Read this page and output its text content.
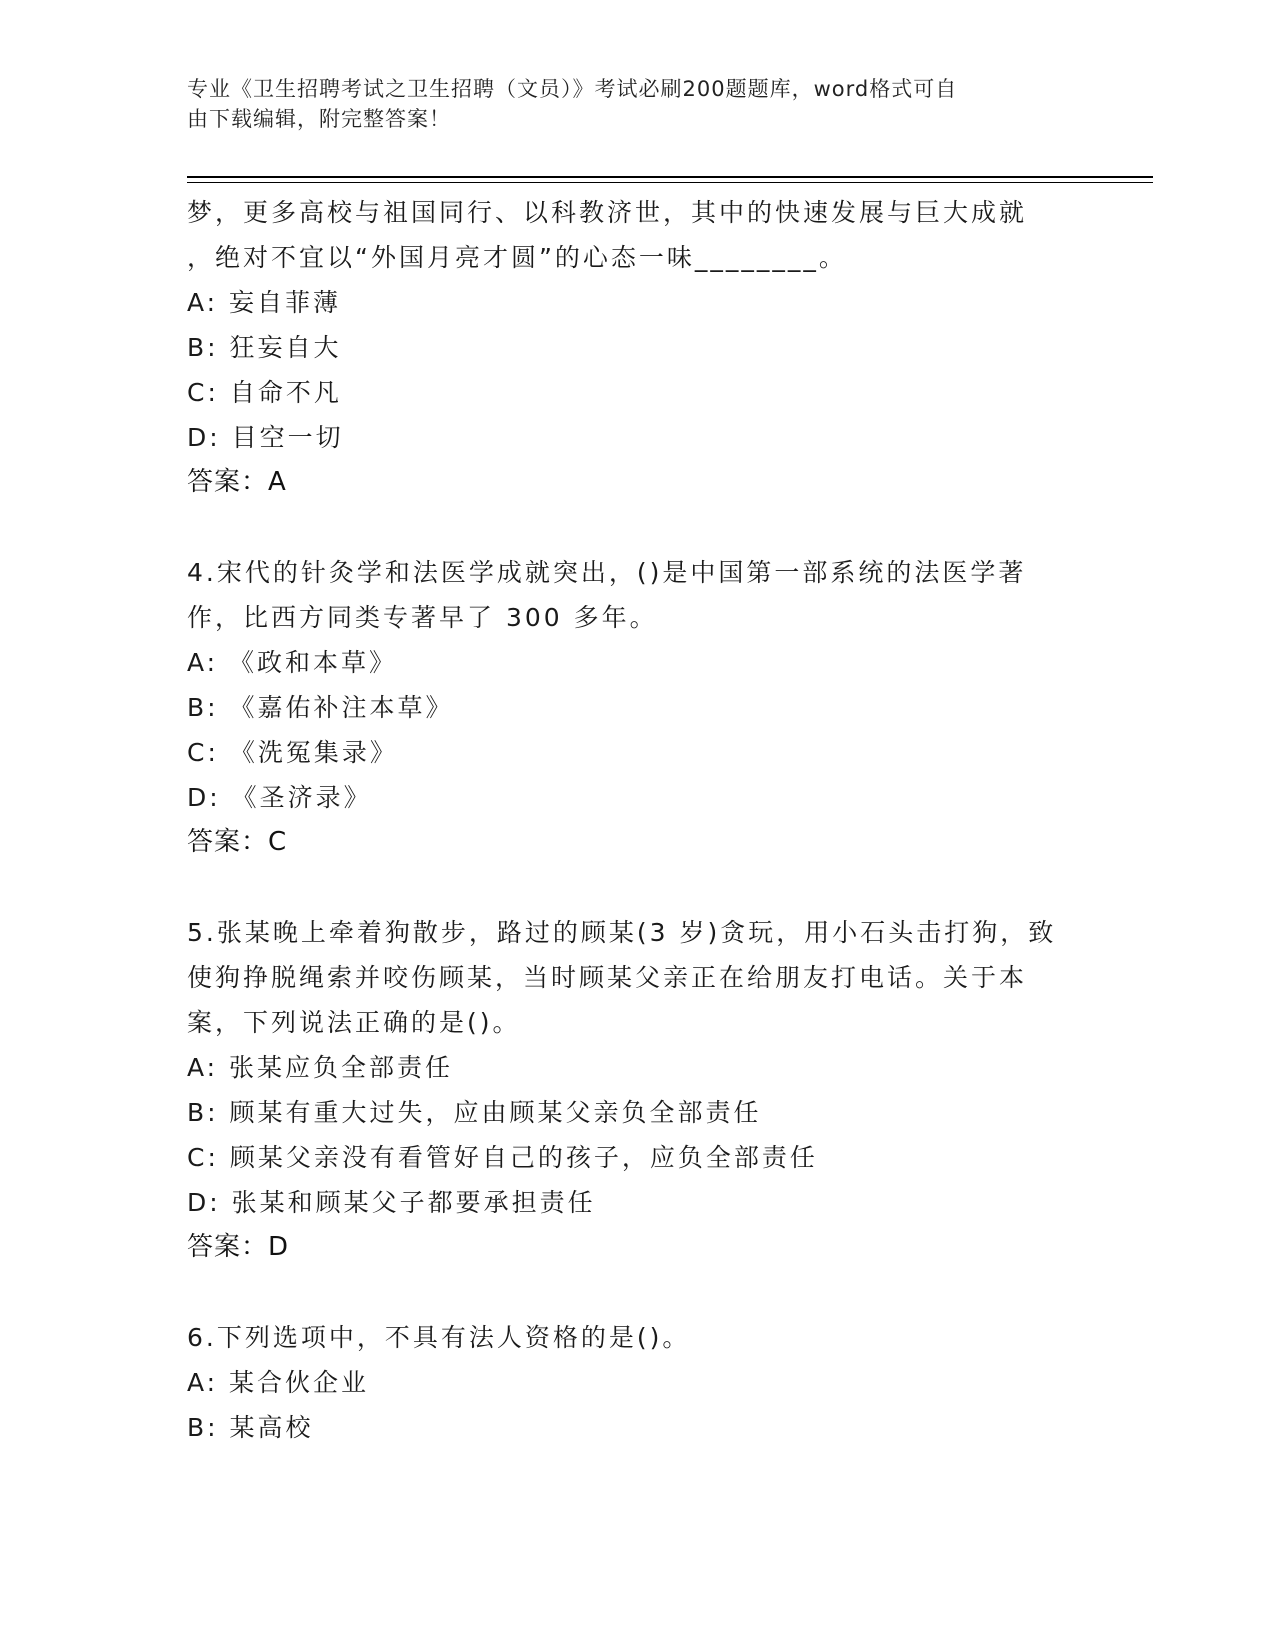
专业《卫生招聘考试之卫生招聘（文员）》考试必刷200题题库，word格式可自
由下载编辑，附完整答案！
梦，更多高校与祖国同行、以科教济世，其中的快速发展与巨大成就
，绝对不宜以“外国月亮才圆”的心态一味________。
A: 妄自菲薄
B: 狂妄自大
C: 自命不凡
D: 目空一切
答案：A
4.宋代的针灸学和法医学成就突出，()是中国第一部系统的法医学著
作，比西方同类专著早了 300 多年。
A: 《政和本草》
B: 《嘉佑补注本草》
C: 《洗冤集录》
D: 《圣济录》
答案：C
5.张某晚上牵着狗散步，路过的顾某(3 岁)贪玩，用小石头击打狗，致
使狗挣脱绳索并咬伤顾某，当时顾某父亲正在给朋友打电话。关于本
案，下列说法正确的是()。
A: 张某应负全部责任
B: 顾某有重大过失，应由顾某父亲负全部责任
C: 顾某父亲没有看管好自己的孩子，应负全部责任
D: 张某和顾某父子都要承担责任
答案：D
6.下列选项中，不具有法人资格的是()。
A: 某合伙企业
B: 某高校
